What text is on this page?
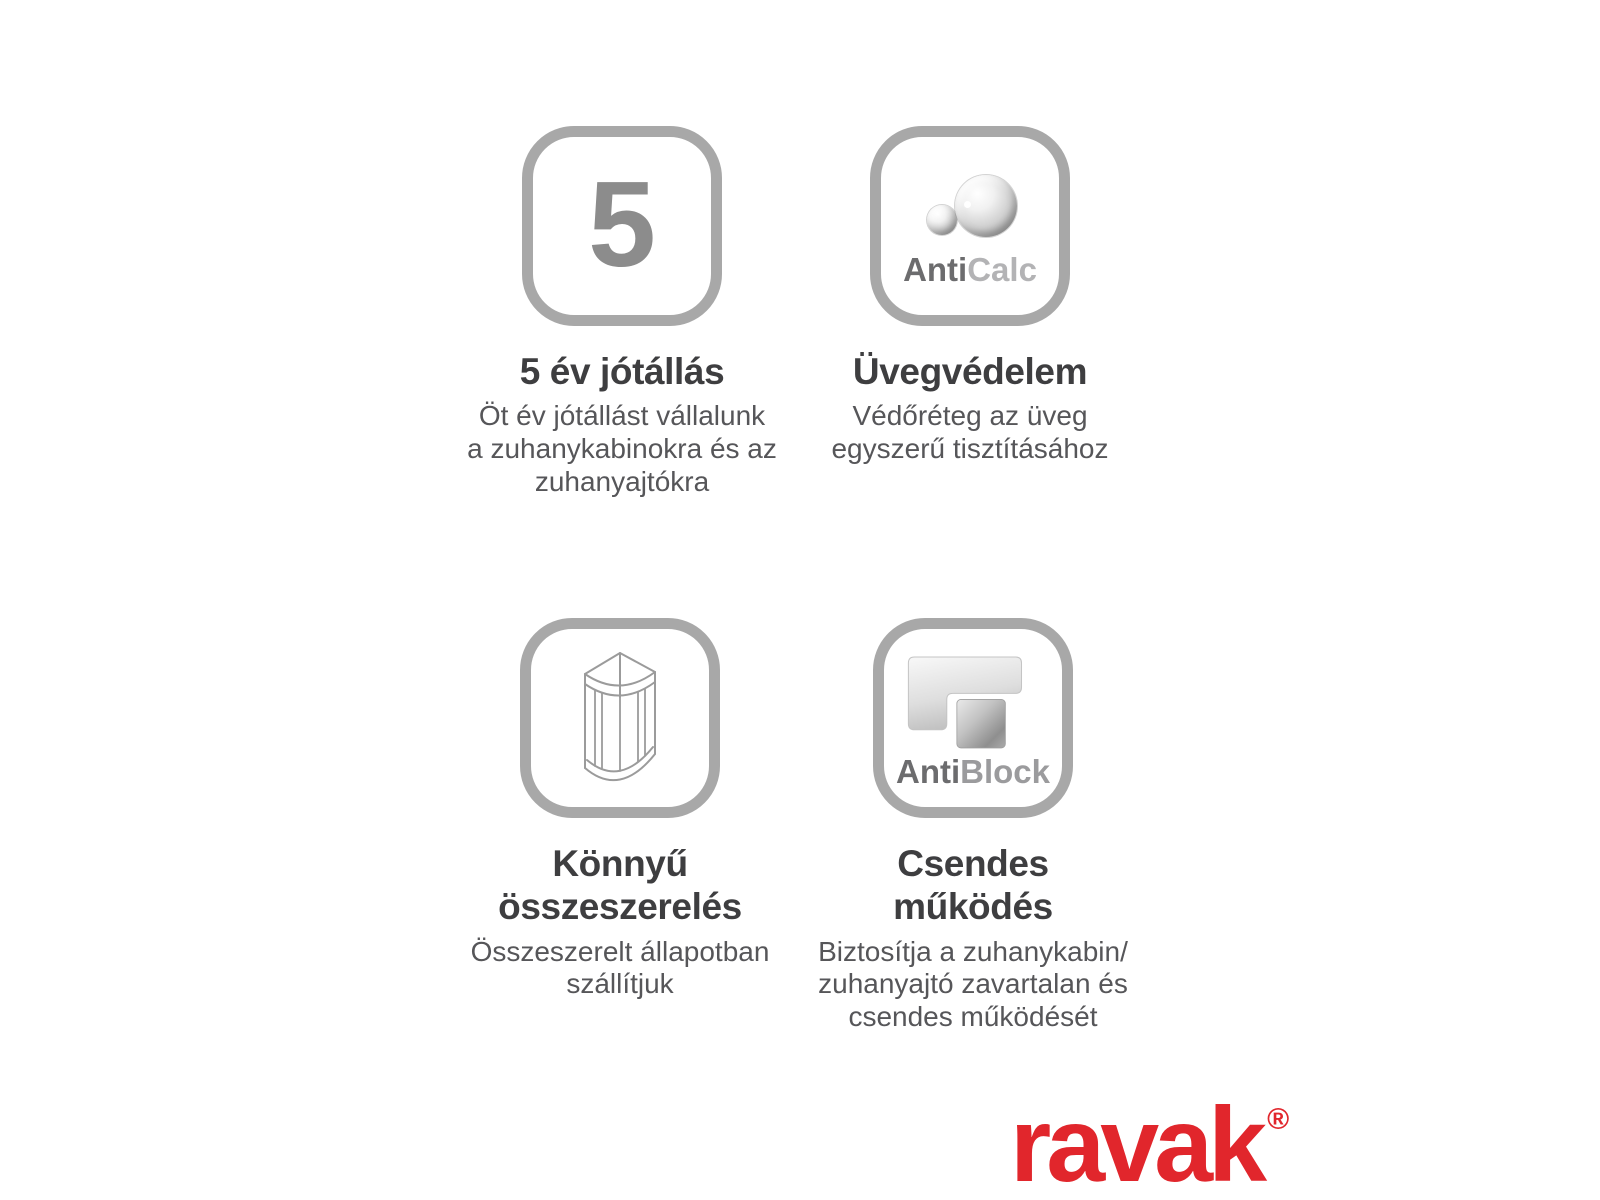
5
5 év jótállás

Öt év jótállást vállalunk
a zuhanykabinokra és az
zuhanyajtókra

AntiCalc
Üvegvédelem

Védőréteg az üveg
egyszerű tisztításához

Könnyű
összeszerelés

Összeszerelt állapotban
szállítjuk

AntiBlock
Csendes
működés

Biztosítja a zuhanykabin/
zuhanyajtó zavartalan és
csendes működését

ravak ®
